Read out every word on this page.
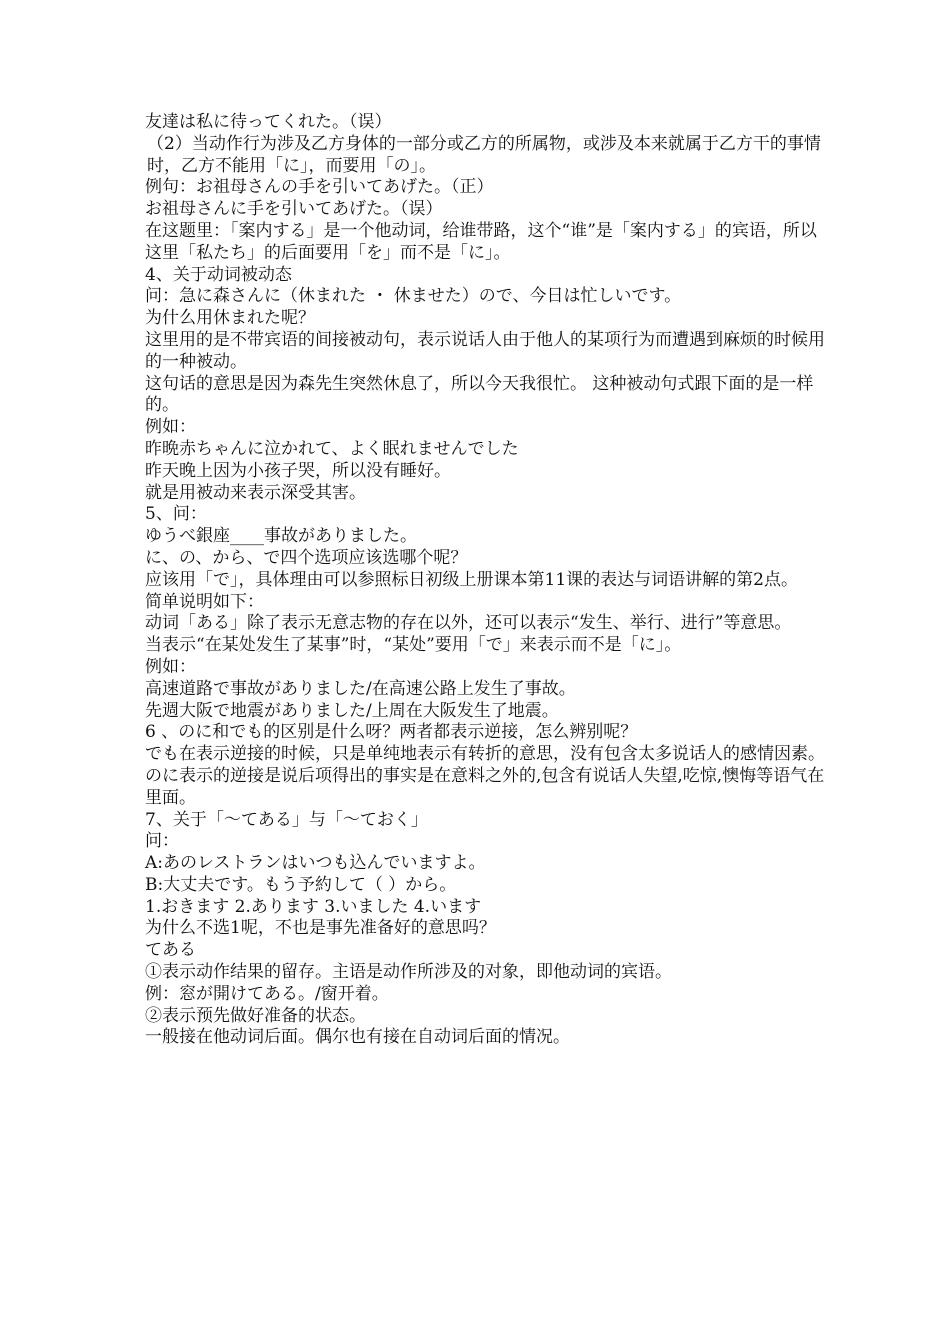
友達は私に待ってくれた。（误）

（2）当动作行为涉及乙方身体的一部分或乙方的所属物，或涉及本来就属于乙方干的事情时，乙方不能用「に」，而要用「の」。

例句：お祖母さんの手を引いてあげた。（正）

お祖母さんに手を引いてあげた。（误）

在这题里：「案内する」是一个他动词，给谁带路，这个“谁”是「案内する」的宾语，所以这里「私たち」的后面要用「を」而不是「に」。

4、关于动词被动态

问：急に森さんに（休まれた ・ 休ませた）ので、今日は忙しいです。

为什么用休まれた呢？

这里用的是不带宾语的间接被动句，表示说话人由于他人的某项行为而遭遇到麻烦的时候用的一种被动。

这句话的意思是因为森先生突然休息了，所以今天我很忙。 这种被动句式跟下面的是一样的。

例如：

昨晩赤ちゃんに泣かれて、よく眠れませんでした

昨天晚上因为小孩子哭，所以没有睡好。

就是用被动来表示深受其害。

5、问：

ゆうべ銀座____事故がありました。

に、の、から、で四个选项应该选哪个呢？

应该用「で」，具体理由可以参照标日初级上册课本第11课的表达与词语讲解的第2点。

简单说明如下：

动词「ある」除了表示无意志物的存在以外，还可以表示“发生、举行、进行”等意思。

当表示“在某处发生了某事”时，“某处”要用「で」来表示而不是「に」。

例如：

高速道路で事故がありました/在高速公路上发生了事故。

先週大阪で地震がありました/上周在大阪发生了地震。

6 、のに和でも的区别是什么呀？两者都表示逆接，怎么辨别呢？

でも在表示逆接的时候，只是单纯地表示有转折的意思，没有包含太多说话人的感情因素。

のに表示的逆接是说后项得出的事实是在意料之外的,包含有说话人失望,吃惊,懊悔等语气在里面。

7、关于「～てある」与「～ておく」

问：

A:あのレストランはいつも込んでいますよ。

B:大丈夫です。もう予約して（ ）から。

1.おきます 2.あります 3.いました 4.います

为什么不选1呢，不也是事先准备好的意思吗？

てある

①表示动作结果的留存。主语是动作所涉及的对象，即他动词的宾语。

例：窓が開けてある。/窗开着。

②表示预先做好准备的状态。

一般接在他动词后面。偶尔也有接在自动词后面的情况。
